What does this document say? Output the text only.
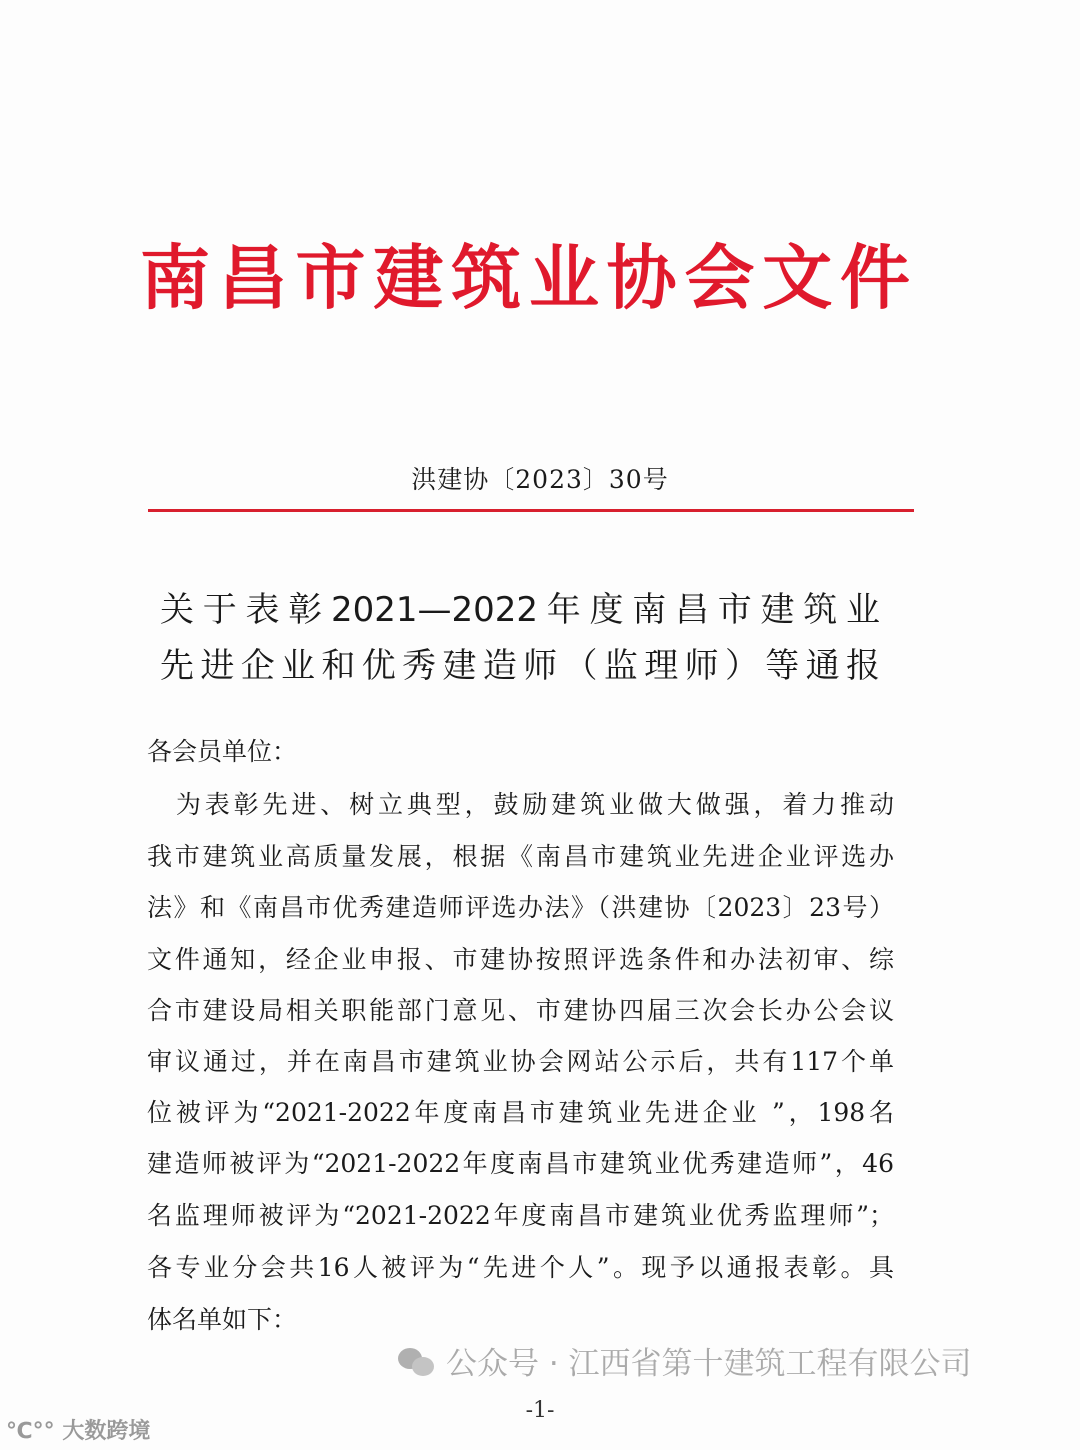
南昌市建筑业协会文件
洪建协〔2023〕30号
关于表彰2021—2022年度南昌市建筑业
先进企业和优秀建造师（监理师）等通报
各会员单位：
　为表彰先进、树立典型，鼓励建筑业做大做强，着力推动
我市建筑业高质量发展，根据《南昌市建筑业先进企业评选办
法》和《南昌市优秀建造师评选办法》（洪建协〔2023〕23号）
文件通知，经企业申报、市建协按照评选条件和办法初审、综
合市建设局相关职能部门意见、市建协四届三次会长办公会议
审议通过，并在南昌市建筑业协会网站公示后，共有117个单
位被评为“2021-2022年度南昌市建筑业先进企业 ”，198名
建造师被评为“2021-2022年度南昌市建筑业优秀建造师”，46
名监理师被评为“2021-2022年度南昌市建筑业优秀监理师”；
各专业分会共16人被评为“先进个人”。现予以通报表彰。具
体名单如下：
公众号 · 江西省第十建筑工程有限公司
-1-
℃°° 大数跨境
